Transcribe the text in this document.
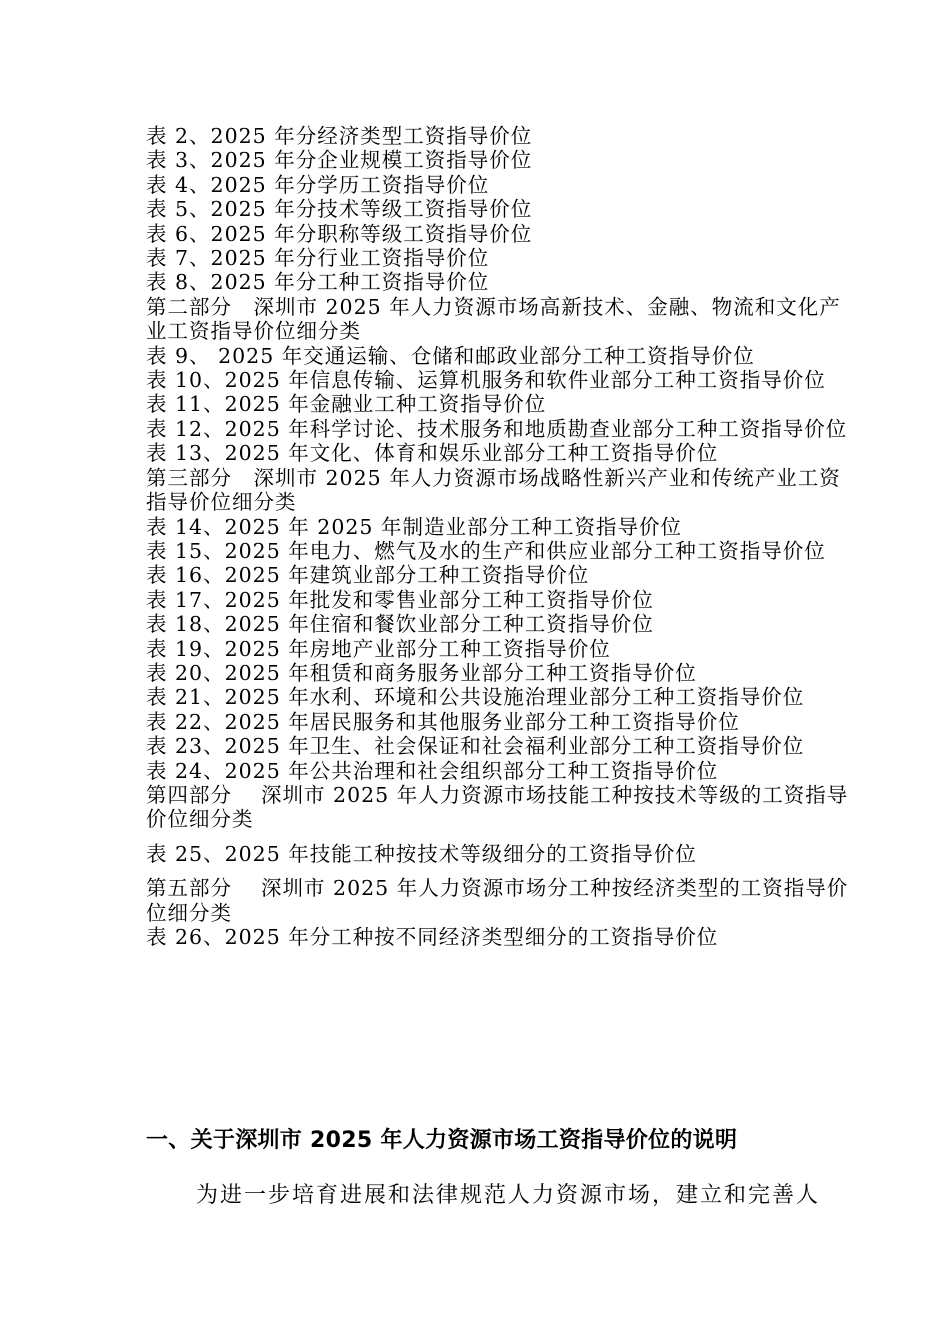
表 2、2025 年分经济类型工资指导价位
表 3、2025 年分企业规模工资指导价位
表 4、2025 年分学历工资指导价位
表 5、2025 年分技术等级工资指导价位
表 6、2025 年分职称等级工资指导价位
表 7、2025 年分行业工资指导价位
表 8、2025 年分工种工资指导价位
第二部分　深圳市 2025 年人力资源市场高新技术、金融、物流和文化产业工资指导价位细分类
表 9、 2025 年交通运输、仓储和邮政业部分工种工资指导价位
表 10、2025 年信息传输、运算机服务和软件业部分工种工资指导价位
表 11、2025 年金融业工种工资指导价位
表 12、2025 年科学讨论、技术服务和地质勘查业部分工种工资指导价位
表 13、2025 年文化、体育和娱乐业部分工种工资指导价位
第三部分　深圳市 2025 年人力资源市场战略性新兴产业和传统产业工资指导价位细分类
表 14、2025 年 2025 年制造业部分工种工资指导价位
表 15、2025 年电力、燃气及水的生产和供应业部分工种工资指导价位
表 16、2025 年建筑业部分工种工资指导价位
表 17、2025 年批发和零售业部分工种工资指导价位
表 18、2025 年住宿和餐饮业部分工种工资指导价位
表 19、2025 年房地产业部分工种工资指导价位
表 20、2025 年租赁和商务服务业部分工种工资指导价位
表 21、2025 年水利、环境和公共设施治理业部分工种工资指导价位
表 22、2025 年居民服务和其他服务业部分工种工资指导价位
表 23、2025 年卫生、社会保证和社会福利业部分工种工资指导价位
表 24、2025 年公共治理和社会组织部分工种工资指导价位
第四部分　 深圳市 2025 年人力资源市场技能工种按技术等级的工资指导价位细分类
表 25、2025 年技能工种按技术等级细分的工资指导价位
第五部分　 深圳市 2025 年人力资源市场分工种按经济类型的工资指导价位细分类
表 26、2025 年分工种按不同经济类型细分的工资指导价位
一、关于深圳市 2025 年人力资源市场工资指导价位的说明
为进一步培育进展和法律规范人力资源市场，建立和完善人
